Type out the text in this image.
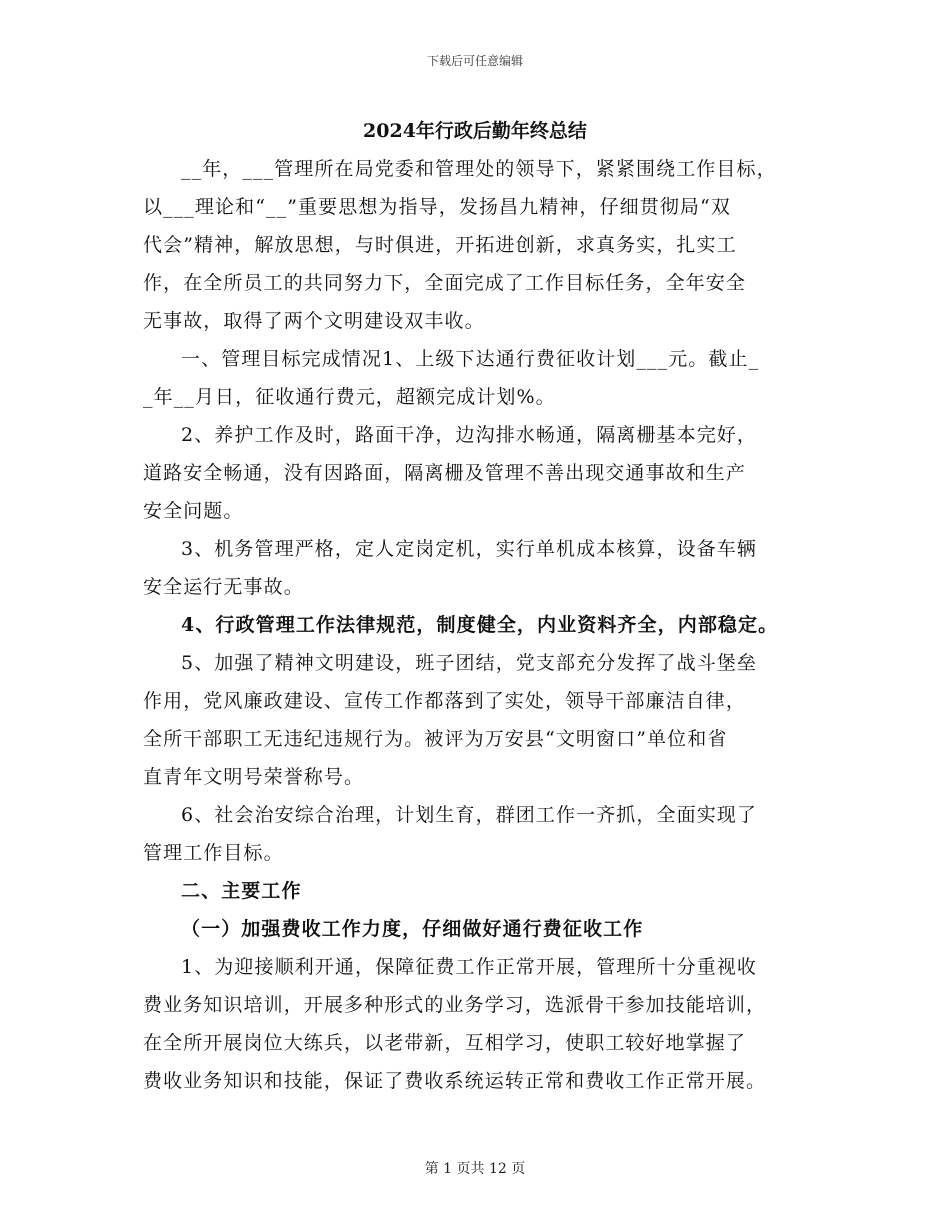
下载后可任意编辑
2024年行政后勤年终总结

__年，___管理所在局党委和管理处的领导下，紧紧围绕工作目标，
以___理论和“__”重要思想为指导，发扬昌九精神，仔细贯彻局“双
代会”精神，解放思想，与时俱进，开拓进创新，求真务实，扎实工
作，在全所员工的共同努力下，全面完成了工作目标任务，全年安全
无事故，取得了两个文明建设双丰收。

一、管理目标完成情况1、上级下达通行费征收计划___元。截止_
_年__月日，征收通行费元，超额完成计划%。

2、养护工作及时，路面干净，边沟排水畅通，隔离栅基本完好，
道路安全畅通，没有因路面，隔离栅及管理不善出现交通事故和生产
安全问题。

3、机务管理严格，定人定岗定机，实行单机成本核算，设备车辆
安全运行无事故。

4、行政管理工作法律规范，制度健全，内业资料齐全，内部稳定。

5、加强了精神文明建设，班子团结，党支部充分发挥了战斗堡垒
作用，党风廉政建设、宣传工作都落到了实处，领导干部廉洁自律，
全所干部职工无违纪违规行为。被评为万安县“文明窗口”单位和省
直青年文明号荣誉称号。

6、社会治安综合治理，计划生育，群团工作一齐抓，全面实现了
管理工作目标。

二、主要工作

（一）加强费收工作力度，仔细做好通行费征收工作

1、为迎接顺利开通，保障征费工作正常开展，管理所十分重视收
费业务知识培训，开展多种形式的业务学习，选派骨干参加技能培训，
在全所开展岗位大练兵，以老带新，互相学习，使职工较好地掌握了
费收业务知识和技能，保证了费收系统运转正常和费收工作正常开展。

第 1 页共 12 页
